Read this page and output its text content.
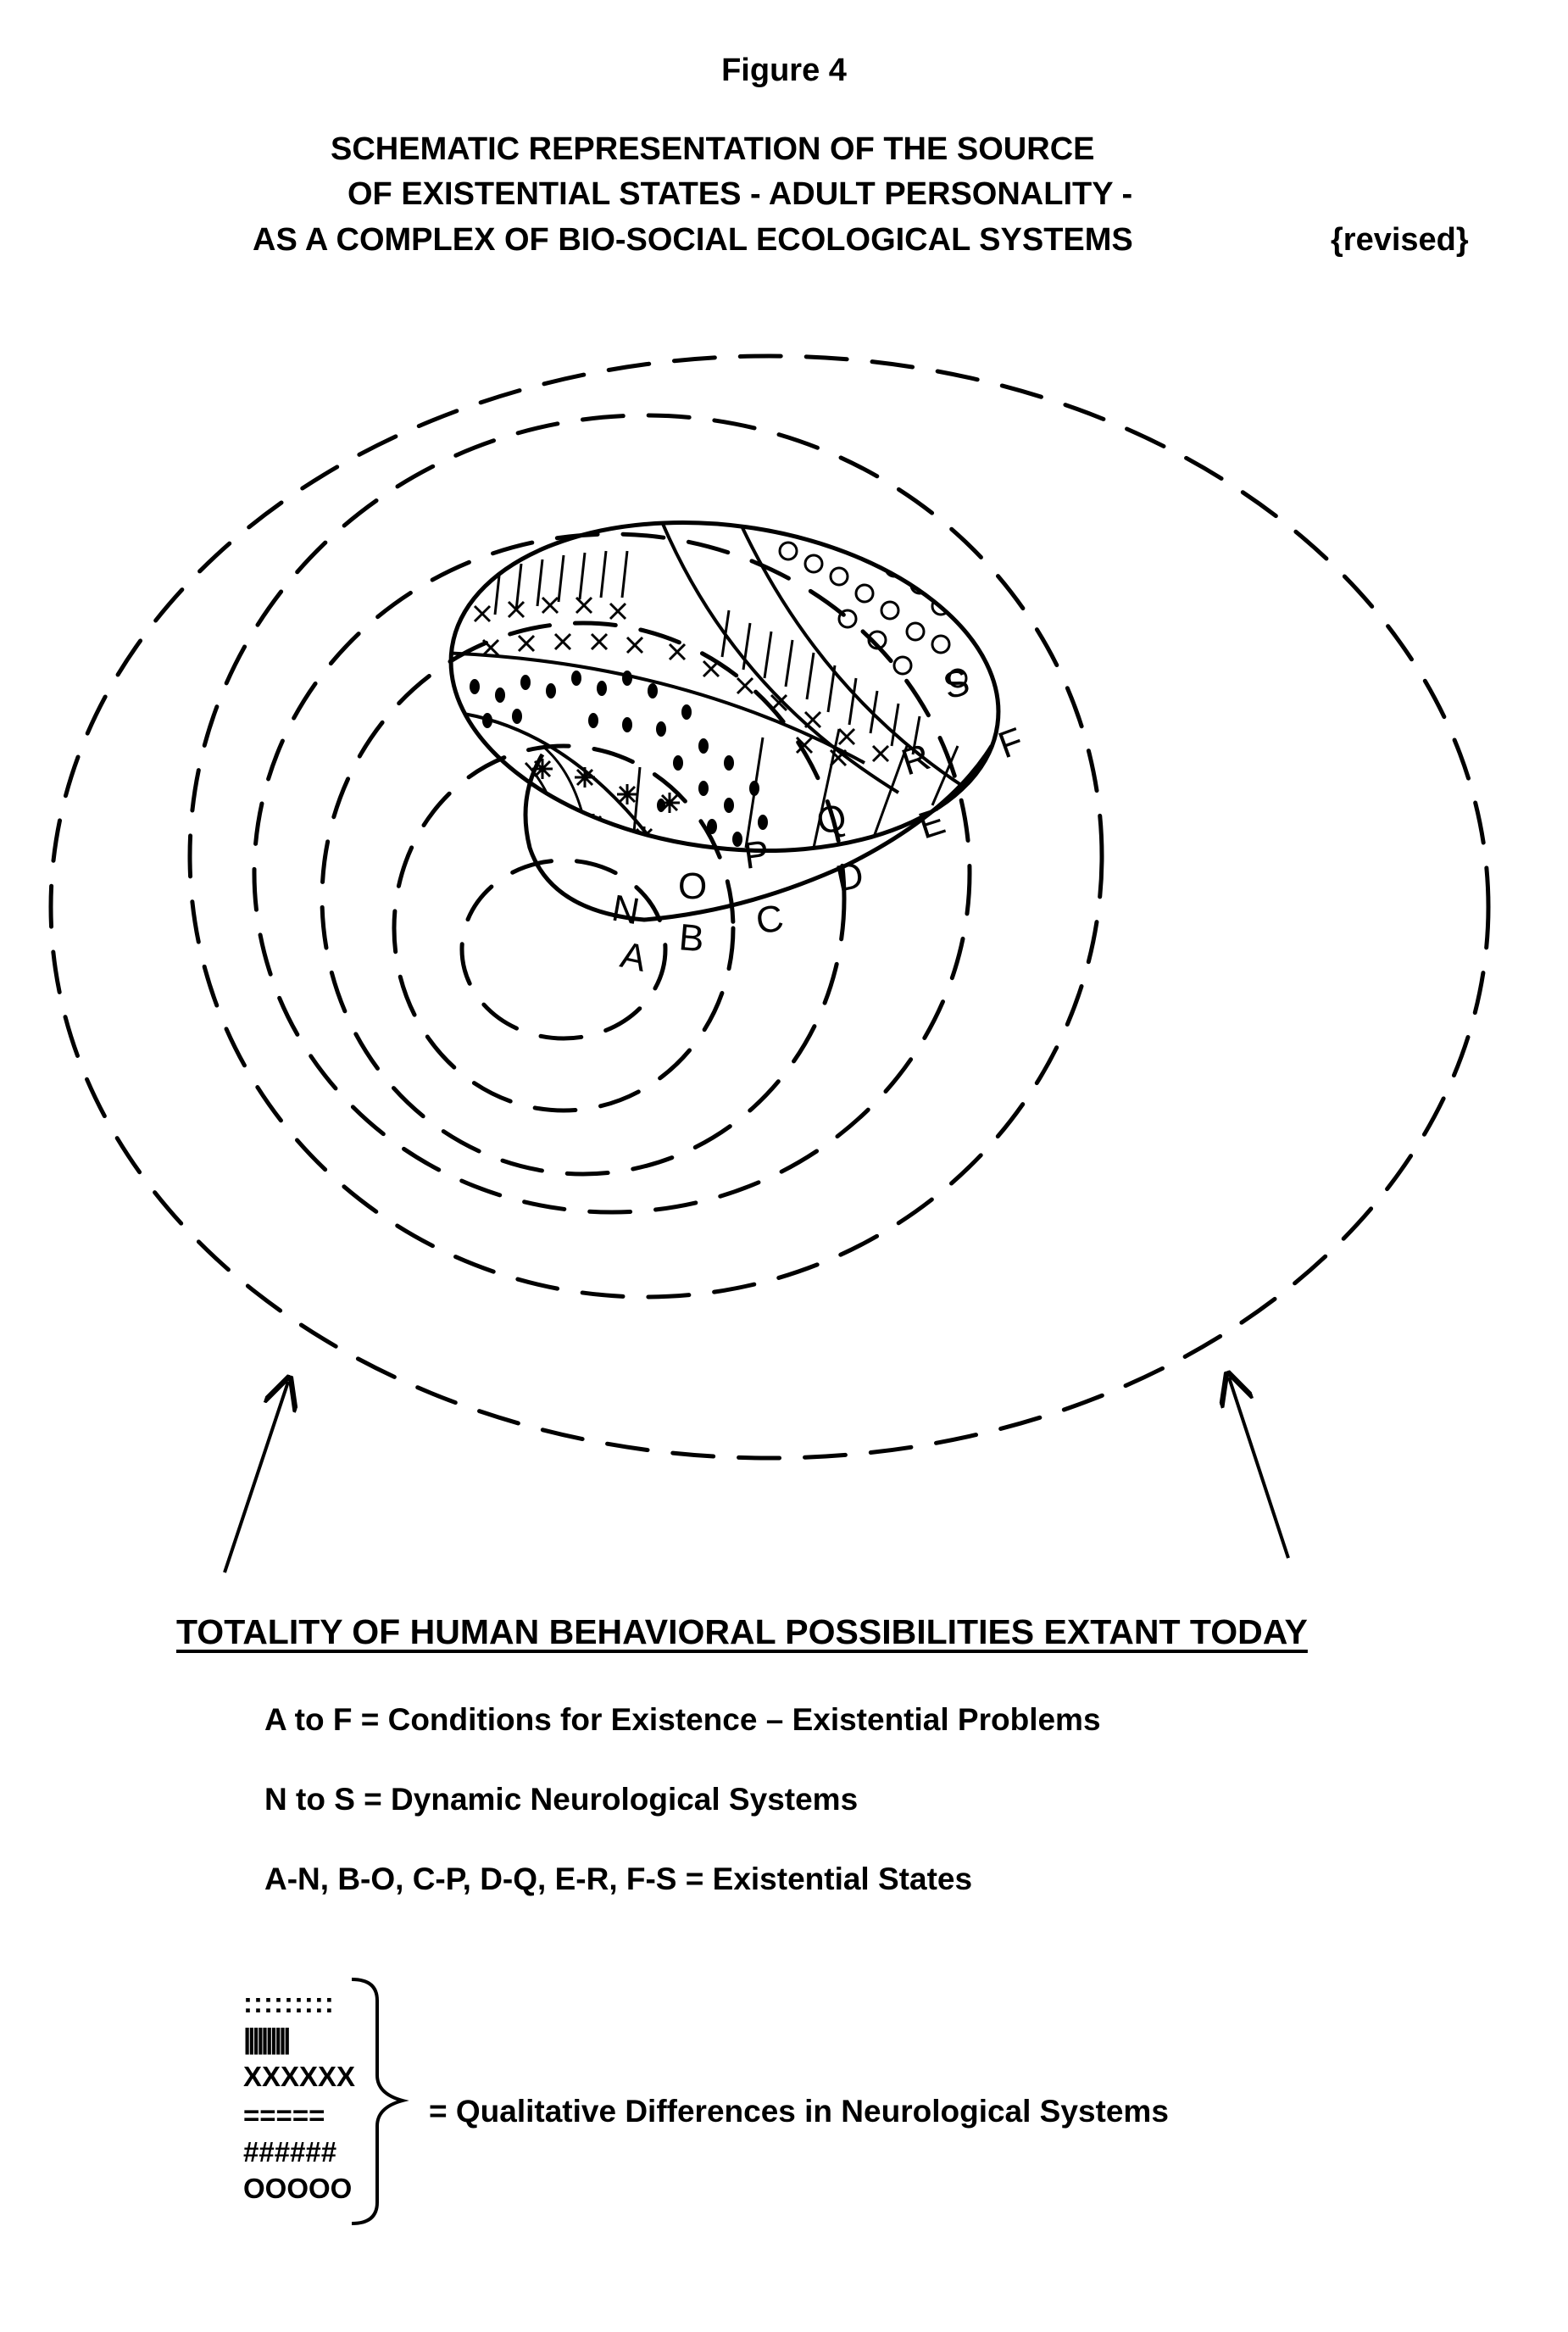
Figure 4
SCHEMATIC REPRESENTATION OF THE SOURCE
OF EXISTENTIAL STATES - ADULT PERSONALITY -
AS A COMPLEX OF BIO-SOCIAL ECOLOGICAL SYSTEMS	{revised}
A B C
D
E
F
N
O
P
Q
R
S
TOTALITY OF HUMAN BEHAVIORAL POSSIBILITIES EXTANT TODAY
A to F = Conditions for Existence – Existential Problems
N to S = Dynamic Neurological Systems
A-N, B-O, C-P, D-Q, E-R, F-S = Existential States
:::::::::
||||||||||
XXXXXX
=====
######
OOOOO
= Qualitative Differences in Neurological Systems
